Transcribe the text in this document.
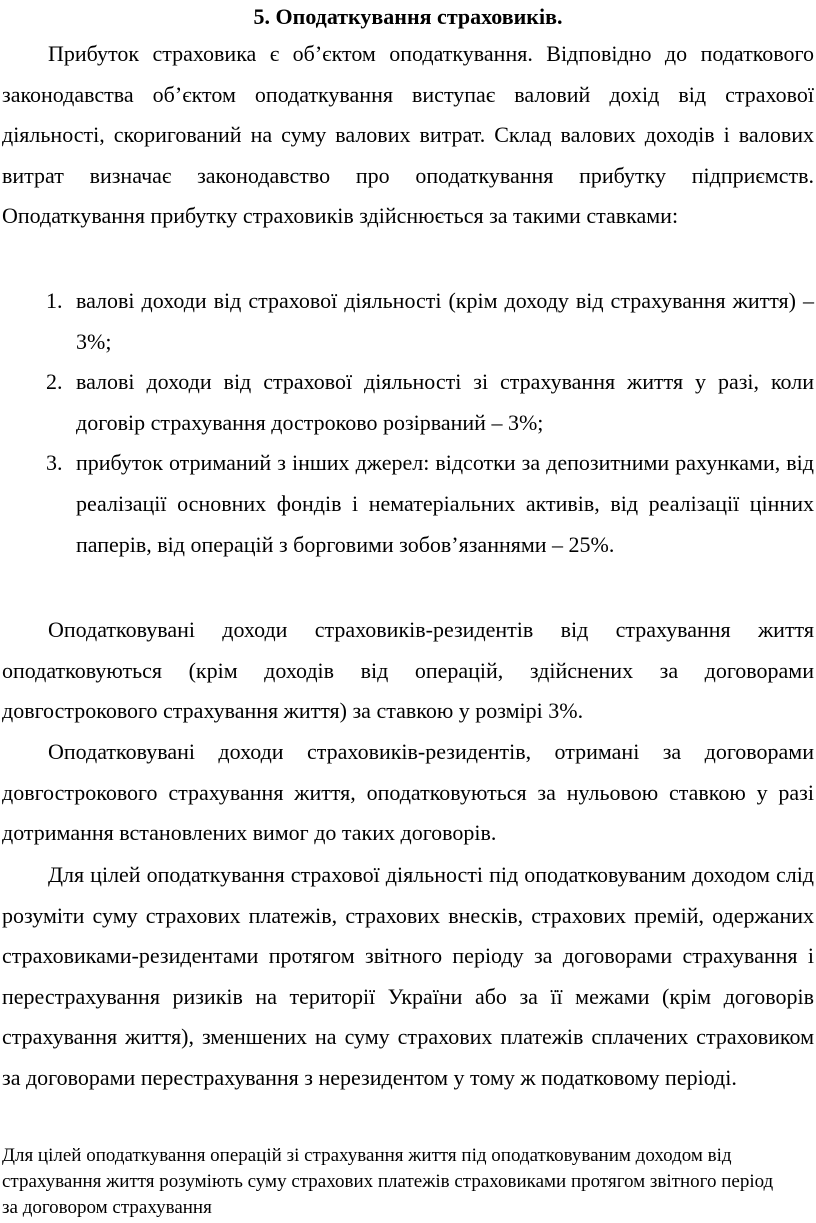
5. Оподаткування страховиків.

Прибуток страховика є об’єктом оподаткування. Відповідно до податкового законодавства об’єктом оподаткування виступає валовий дохід від страхової діяльності, скоригований на суму валових витрат. Склад валових доходів і валових витрат визначає законодавство про оподаткування прибутку підприємств. Оподаткування прибутку страховиків здійснюється за такими ставками:

1. валові доходи від страхової діяльності (крім доходу від страхування життя) – 3%;
2. валові доходи від страхової діяльності зі страхування життя у разі, коли договір страхування достроково розірваний – 3%;
3. прибуток отриманий з інших джерел: відсотки за депозитними рахунками, від реалізації основних фондів і нематеріальних активів, від реалізації цінних паперів, від операцій з борговими зобов’язаннями – 25%.

Оподатковувані доходи страховиків-резидентів від страхування життя оподатковуються (крім доходів від операцій, здійснених за договорами довгострокового страхування життя) за ставкою у розмірі 3%.

Оподатковувані доходи страховиків-резидентів, отримані за договорами довгострокового страхування життя, оподатковуються за нульовою ставкою у разі дотримання встановлених вимог до таких договорів.

Для цілей оподаткування страхової діяльності під оподатковуваним доходом слід розуміти суму страхових платежів, страхових внесків, страхових премій, одержаних страховиками-резидентами протягом звітного періоду за договорами страхування і перестрахування ризиків на території України або за її межами (крім договорів страхування життя), зменшених на суму страхових платежів сплачених страховиком за договорами перестрахування з нерезидентом у тому ж податковому періоді.

Для цілей оподаткування операцій зі страхування життя під оподатковуваним доходом від страхування життя розуміють суму страхових платежів страховиками протягом звітного період за договором страхування
